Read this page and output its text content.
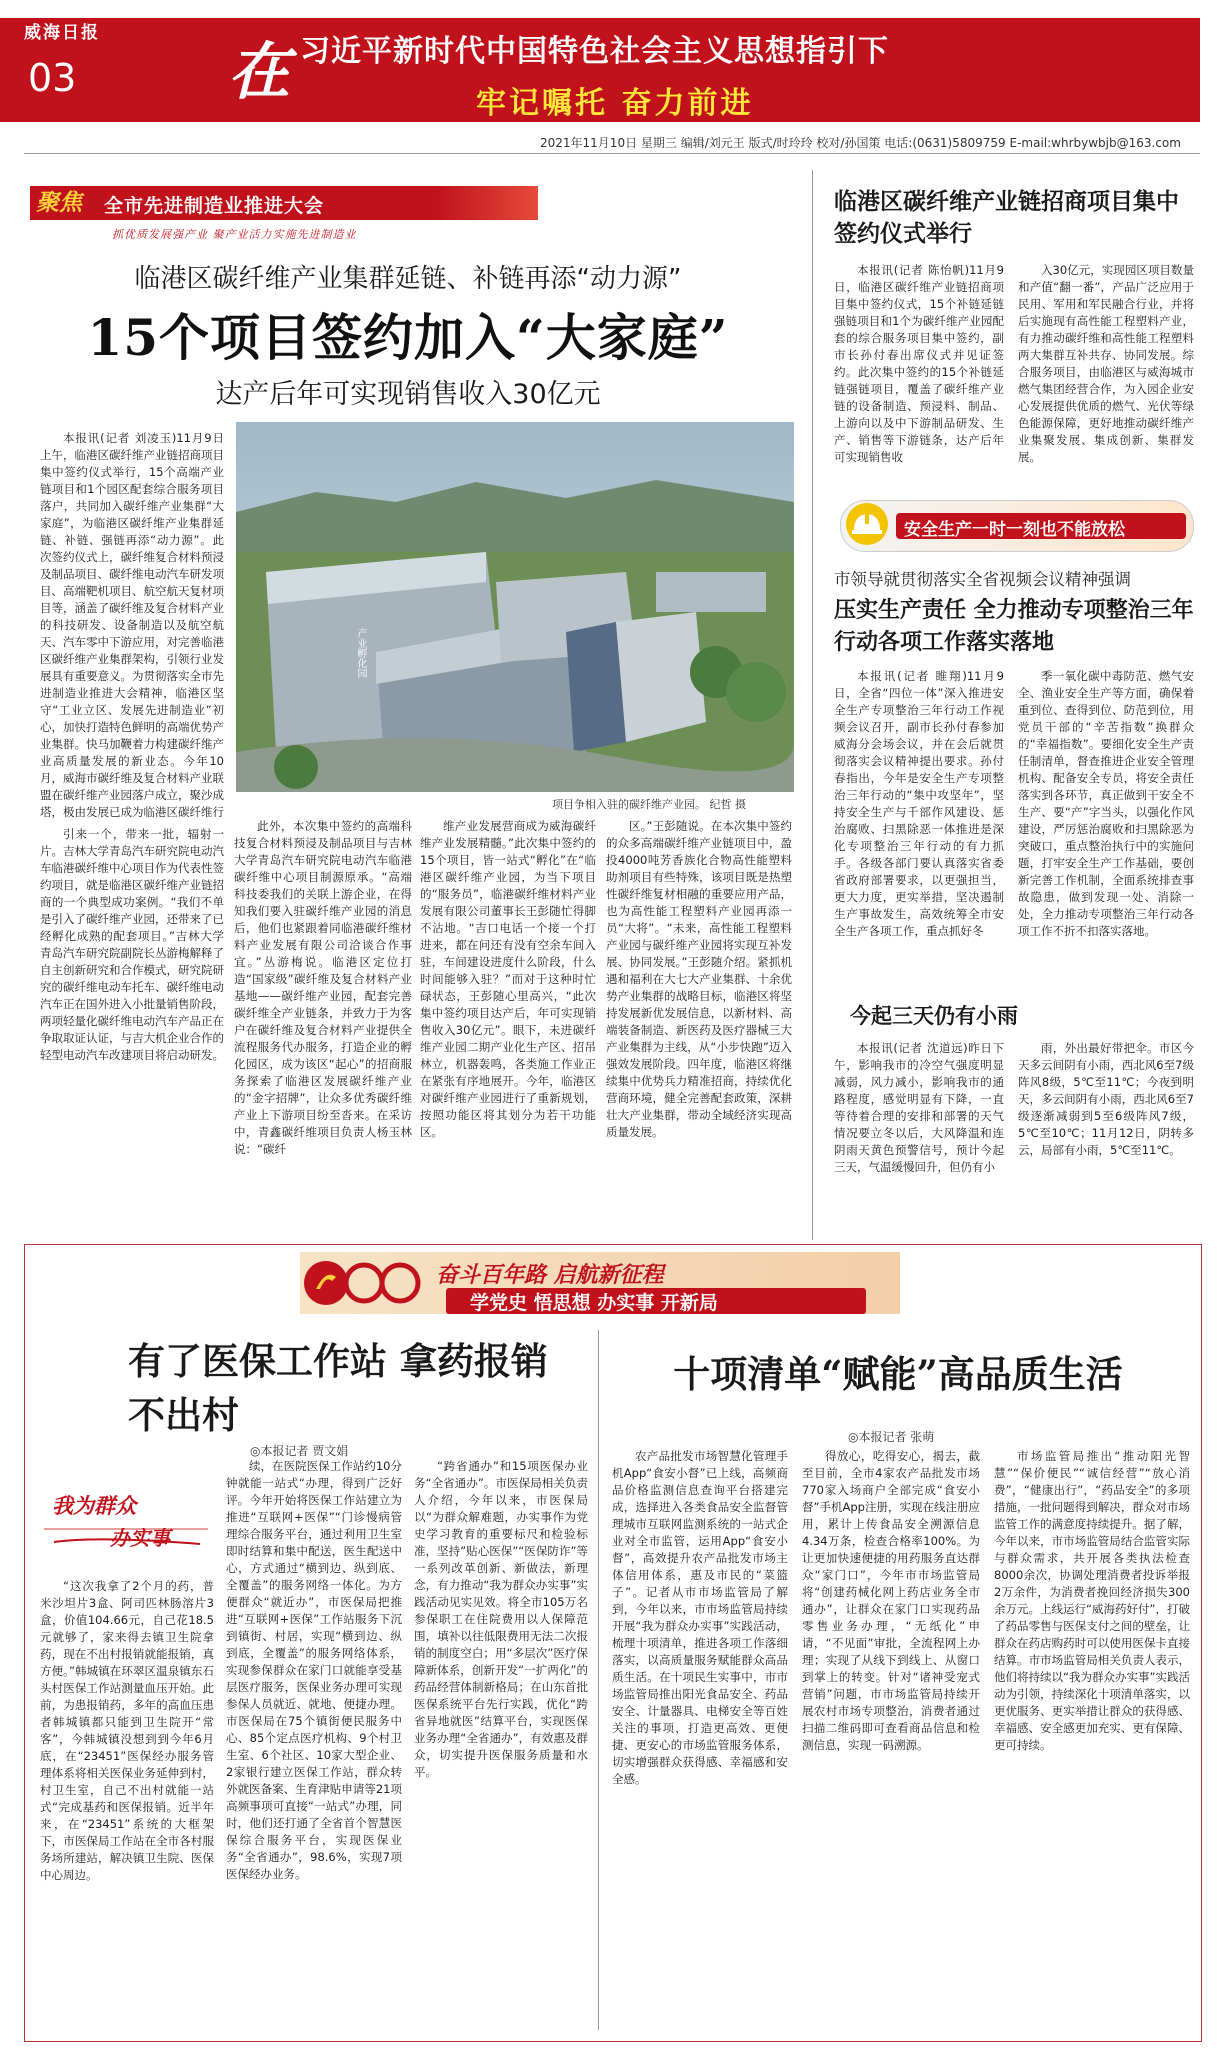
威海日报
03 在 习近平新时代中国特色社会主义思想指引下
牢记嘱托 奋力前进
2021年11月10日 星期三 编辑/刘元王 版式/时玲玲 校对/孙国策 电话:(0631)5809759 E-mail:whrbywbjb@163.com
聚焦 全市先进制造业推进大会
抓优质发展强产业 聚产业活力实施先进制造业
临港区碳纤维产业集群延链、补链再添“动力源”
15个项目签约加入“大家庭”
达产后年可实现销售收入30亿元
产业孵化园
项目争相入驻的碳纤维产业园。 纪哲 摄

本报讯(记者 刘凌玉)11月9日上午，临港区碳纤维产业链招商项目集中签约仪式举行，15个高端产业链项目和1个园区配套综合服务项目落户，共同加入碳纤维产业集群“大家庭”，为临港区碳纤维产业集群延链、补链、强链再添“动力源”。此次签约仪式上，碳纤维复合材料预浸及制品项目、碳纤维电动汽车研发项目、高端靶机项目、航空航天复材项目等，涵盖了碳纤维及复合材料产业的科技研发、设备制造以及航空航天、汽车零中下游应用，对完善临港区碳纤维产业集群架构，引领行业发展具有重要意义。为贯彻落实全市先进制造业推进大会精神，临港区坚守“工业立区、发展先进制造业”初心，加快打造特色鲜明的高端优势产业集群。快马加鞭着力构建碳纤维产业高质量发展的新业态。今年10月，威海市碳纤维及复合材料产业联盟在碳纤维产业园落户成立，聚沙成塔，极由发展已成为临港区碳纤维行

引来一个，带来一批，辐射一片。吉林大学青岛汽车研究院电动汽车临港碳纤维中心项目作为代表性签约项目，就是临港区碳纤维产业链招商的一个典型成功案例。“我们不单是引入了碳纤维产业园，还带来了已经孵化成熟的配套项目。”吉林大学青岛汽车研究院副院长丛游梅解释了自主创新研究和合作模式，研究院研究的碳纤维电动车托车、碳纤维电动汽车正在国外进入小批量销售阶段，两项轻量化碳纤维电动汽车产品正在争取取证认证，与吉大机企业合作的轻型电动汽车改建项目将启动研发。

此外，本次集中签约的高端科技复合材料预浸及制品项目与吉林大学青岛汽车研究院电动汽车临港碳纤维中心项目制源原承。“高端科技委我们的关联上游企业，在得知我们要入驻碳纤维产业园的消息后，他们也紧跟着同临港碳纤维材料产业发展有限公司洽谈合作事宜。”丛游梅说。临港区定位打造“国家级”碳纤维及复合材料产业基地——碳纤维产业园，配套完善碳纤维全产业链条，并致力于为客户在碳纤维及复合材料产业提供全流程服务代办服务，打造企业的孵化园区，成为该区“起心”的招商服务探索了临港区发展碳纤维产业的“金字招牌”，让众多优秀碳纤维产业上下游项目纷至沓来。在采访中，青鑫碳纤维项目负责人杨玉林说：“碳纤

维产业发展营商成为威海碳纤维产业发展精髓。”此次集中签约的15个项目，皆一站式“孵化”在“临港区碳纤维产业园，为当下项目的“服务员”，临港碳纤维材料产业发展有限公司董事长王彭随忙得脚不沾地。“吉口电话一个接一个打进来，都在问还有没有空余车间入驻，车间建设进度什么阶段，什么时间能够入驻？”而对于这种时忙碌状态，王彭随心里高兴，“此次集中签约项目达产后，年可实现销售收入30亿元”。眼下，未进碳纤维产业园二期产业化生产区、招吊林立，机器轰鸣，各类施工作业正在紧张有序地展开。今年，临港区对碳纤维产业园进行了重新规划，按照功能区将其划分为若干功能区。

区。”王彭随说。在本次集中签约的众多高端碳纤维产业链项目中，盈投4000吨芳香族化合物高性能塑料助剂项目有些特殊，该项目既是热塑性碳纤维复材相融的重要应用产品，也为高性能工程塑料产业园再添一员“大将”。“未来，高性能工程塑料产业园与碳纤维产业园将实现互补发展、协同发展。”王彭随介绍。紧抓机遇和福利在大七大产业集群、十余优势产业集群的战略目标，临港区将坚持发展新优发展信息，以新材料、高端装备制造、新医药及医疗器械三大产业集群为主线，从“小步快跑”迈入强效发展阶段。四年度，临港区将继续集中优势兵力精准招商，持续优化营商环境，健全完善配套政策，深耕壮大产业集群，带动全域经济实现高质量发展。

临港区碳纤维产业链招商项目集中签约仪式举行

本报讯(记者 陈怡帆)11月9日，临港区碳纤维产业链招商项目集中签约仪式，15个补链延链强链项目和1个为碳纤维产业园配套的综合服务项目集中签约，副市长孙付春出席仪式并见证签约。此次集中签约的15个补链延链强链项目，覆盖了碳纤维产业链的设备制造、预浸料、制品、上游向以及中下游制品研发、生产、销售等下游链条，达产后年可实现销售收

入30亿元，实现园区项目数量和产值“翻一番”，产品广泛应用于民用、军用和军民融合行业，并将后实施现有高性能工程塑料产业，有力推动碳纤维和高性能工程塑料两大集群互补共存、协同发展。综合服务项目，由临港区与威海城市燃气集团经营合作，为入园企业安心发展提供优质的燃气、光伏等绿色能源保障，更好地推动碳纤维产业集聚发展、集成创新、集群发展。

安全生产一时一刻也不能放松
市领导就贯彻落实全省视频会议精神强调
压实生产责任 全力推动专项整治三年行动各项工作落实落地

本报讯(记者 睢翔)11月9日，全省“四位一体”深入推进安全生产专项整治三年行动工作视频会议召开，副市长孙付春参加威海分会场会议，并在会后就贯彻落实会议精神提出要求。孙付春指出，今年是安全生产专项整治三年行动的“集中攻坚年”，坚持安全生产与千部作风建设、惩治腐败、扫黑除恶一体推进是深化专项整治三年行动的有力抓手。各级各部门要认真落实省委省政府部署要求，以更强担当，更大力度，更实举措，坚决遏制生产事故发生，高效统筹全市安全生产各项工作，重点抓好冬

季一氧化碳中毒防范、燃气安全、渔业安全生产等方面，确保着重到位、查得到位、防范到位，用党员干部的“辛苦指数”换群众的“幸福指数”。要细化安全生产责任制清单，督查推进企业安全管理机构、配备安全专员，将安全责任落实到各环节，真正做到干安全不生产、要“产”字当头，以强化作风建设，严厉惩治腐败和扫黑除恶为突破口，重点整治执行中的实施问题，打牢安全生产工作基础，要创新完善工作机制，全面系统排查事故隐患，做到发现一处、消除一处，全力推动专项整治三年行动各项工作不折不扣落实落地。

今起三天仍有小雨

本报讯(记者 沈道远)昨日下午，影响我市的冷空气强度明显减弱，风力减小，影响我市的通路程度，感觉明显有下降，一直等待着合理的安排和部署的天气情况要立冬以后，大风降温和连阴雨天黄色预警信号，预计今起三天，气温缓慢回升，但仍有小

雨，外出最好带把伞。市区今天多云间阴有小雨，西北风6至7级阵风8级，5℃至11℃；今夜到明天，多云间阴有小雨，西北风6至7级逐渐减弱到5至6级阵风7级，5℃至10℃；11月12日，阴转多云，局部有小雨，5℃至11℃。

奋斗百年路 启航新征程
学党史 悟思想 办实事 开新局
有了医保工作站 拿药报销不出村
◎本报记者 贾文娟
我为群众
办实事

“这次我拿了2个月的药，普米沙坦片3盒、阿司匹林肠溶片3盒，价值104.66元，自己花18.5元就够了，家来得去镇卫生院拿药，现在不出村报销就能报销，真方便。”韩城镇在环翠区温泉镇东石头村医保工作站测量血压开始。此前，为患报销药，多年的高血压患者韩城镇都只能到卫生院开“常客”，今韩城镇没想到到今年6月底，在“23451”医保经办服务管理体系将相关医保业务延伸到村，村卫生室，自己不出村就能一站式“完成基药和医保报销。近半年来，在“23451”系统的大框架下，市医保局工作站在全市各村服务场所建站，解决镇卫生院、医保中心周边。

续，在医院医保工作站约10分钟就能一站式“办理，得到广泛好评。今年开始将医保工作站建立为推进“互联网+医保”“门诊慢病管理综合服务平台，通过利用卫生室即时结算和集中配送，医生配送中心，方式通过“横到边、纵到底、全覆盖”的服务网络一体化。为方便群众“就近办”，市医保局把推进“互联网+医保”工作站服务下沉到镇街、村居，实现“横到边、纵到底，全覆盖”的服务网络体系，实现参保群众在家门口就能享受基层医疗服务，医保业务办理可实现参保人员就近、就地、便捷办理。市医保局在75个镇街便民服务中心、85个定点医疗机构、9个村卫生室、6个社区、10家大型企业、2家银行建立医保工作站，群众转外就医备案、生育津贴申请等21项高频事项可直接“一站式”办理，同时，他们还打通了全省首个智慧医保综合服务平台，实现医保业务“全省通办”，98.6%，实现7项医保经办业务。

“跨省通办”和15项医保办业务“全省通办”。市医保局相关负责人介绍，今年以来，市医保局以“为群众解难题，办实事作为党史学习教育的重要标尺和检验标准，坚持”贴心医保”“医保防诈”等一系列改革创新、新做法，新理念，有力推动“我为群众办实事”实践活动见实见效。将全市105万名参保职工在住院费用以人保障范围，填补以往低限费用无法二次报销的制度空白；用“多层次”医疗保障新体系，创新开发“一扩两化”的药品经营体制新格局；在山东首批医保系统平台先行实践，优化“跨省异地就医”结算平台，实现医保业务办理“全省通办”，有效惠及群众，切实提升医保服务质量和水平。

十项清单“赋能”高品质生活
◎本报记者 张萌

农产品批发市场智慧化管理手机App“食安小督”已上线，高频商品价格监测信息查询平台搭建完成，选择进入各类食品安全监督管理城市互联网监测系统的一站式企业对全市监管，运用App“食安小督”，高效提升农产品批发市场主体信用体系，惠及市民的“菜篮子”。记者从市市场监管局了解到，今年以来，市市场监管局持续开展“我为群众办实事”实践活动，梳理十项清单，推进各项工作落细落实，以高质量服务赋能群众高品质生活。在十项民生实事中，市市场监管局推出阳光食品安全、药品安全、计量器具、电梯安全等百姓关注的事项，打造更高效、更便捷、更安心的市场监管服务体系，切实增强群众获得感、幸福感和安全感。

得放心，吃得安心，揭去，截至目前，全市4家农产品批发市场770家入场商户全部完成“食安小督”手机App注册，实现在线注册应用，累计上传食品安全溯源信息4.34万条，检查合格率100%。为让更加快速便捷的用药服务直达群众“家门口”，今年市市场监管局将“创建药械化网上药店业务全市通办”，让群众在家门口实现药品零售业务办理，“无纸化”申请，“不见面”审批，全流程网上办理；实现了从线下到线上、从窗口到掌上的转变。针对“诸神受宠式营销”问题，市市场监管局持续开展农村市场专项整治，消费者通过扫描二维码即可查看商品信息和检测信息，实现一码溯源。

市场监管局推出“推动阳光智慧”“保价便民”“诚信经营”“放心消费”，“健康出行”，“药品安全”的多项措施，一批问题得到解决，群众对市场监管工作的满意度持续提升。据了解，今年以来，市市场监管局结合监管实际与群众需求，共开展各类执法检查8000余次，协调处理消费者投诉举报2万余件，为消费者挽回经济损失300余万元。上线运行“威海药好付”，打破了药品零售与医保支付之间的壁垒，让群众在药店购药时可以使用医保卡直接结算。市市场监管局相关负责人表示，他们将持续以“我为群众办实事”实践活动为引领，持续深化十项清单落实，以更优服务、更实举措让群众的获得感、幸福感、安全感更加充实、更有保障、更可持续。
